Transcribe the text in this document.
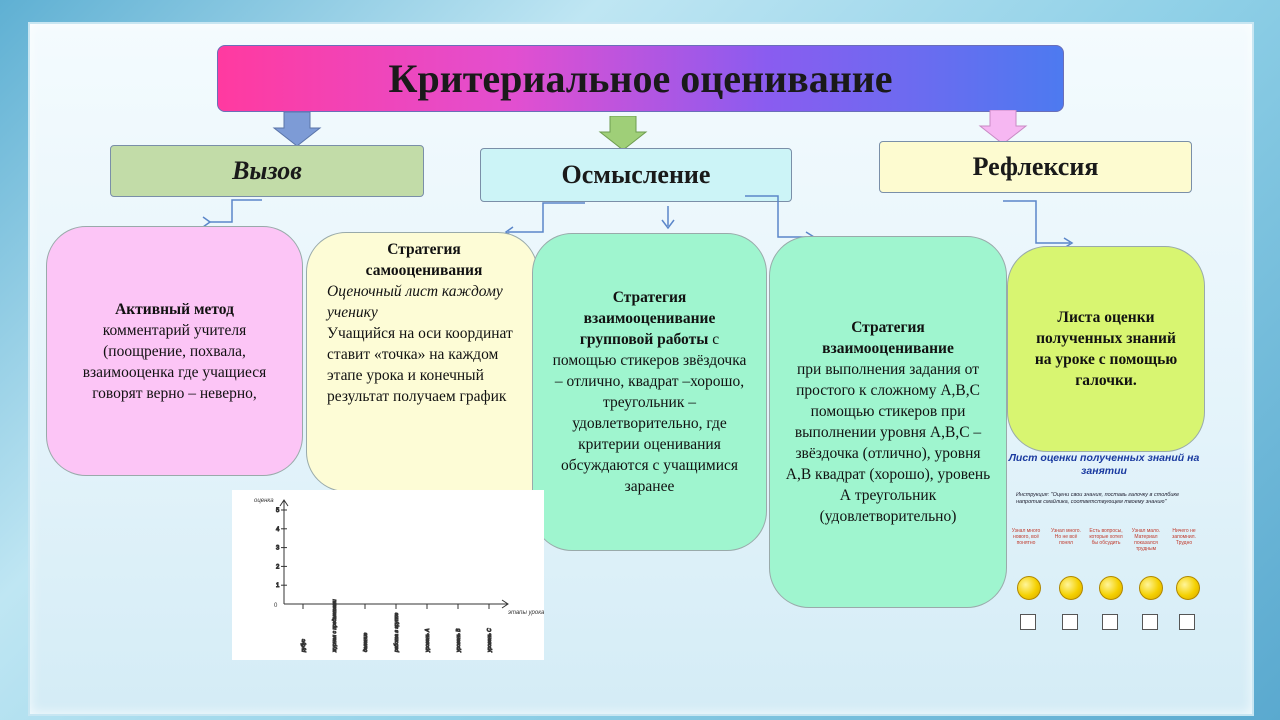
Критериальное оценивание
Вызов	Осмысление	Рефлексия
Активный метод
комментарий учителя (поощрение, похвала, взаимооценка где учащиеся говорят верно – неверно,
Стратегия самооценивания
Оценочный лист каждому ученику
Учащийся на оси координат ставит «точка» на каждом этапе урока и конечный результат получаем график
Стратегия взаимооценивание групповой работы с помощью стикеров звёздочка – отлично, квадрат –хорошо, треугольник –удовлетворительно, где критерии оценивания обсуждаются с учащимися заранее
Стратегия взаимооценивание
при выполнения задания от простого к сложному А,В,С помощью стикеров при выполнении уровня А,В,С – звёздочка (отлично), уровня А,В квадрат (хорошо), уровень А треугольник (удовлетворительно)
Листа оценки полученных знаний на уроке с помощью галочки.
1
2
3
4
5
рубус	журнал с предметами	деление	работа в группе	уровень А	уровень В	уровень С
оценка
этапы урока
0
Лист оценки полученных знаний на занятии
Инструкция: "Оцени свои знания, поставь галочку в столбике напротив смайлика, соответствующем твоему знанию"
Узнал много нового, всё понятно
Узнал много. Но не всё понял
Есть вопросы, которые хотел бы обсудить
Узнал мало. Материал показался трудным
Ничего не запомнил. Трудно
